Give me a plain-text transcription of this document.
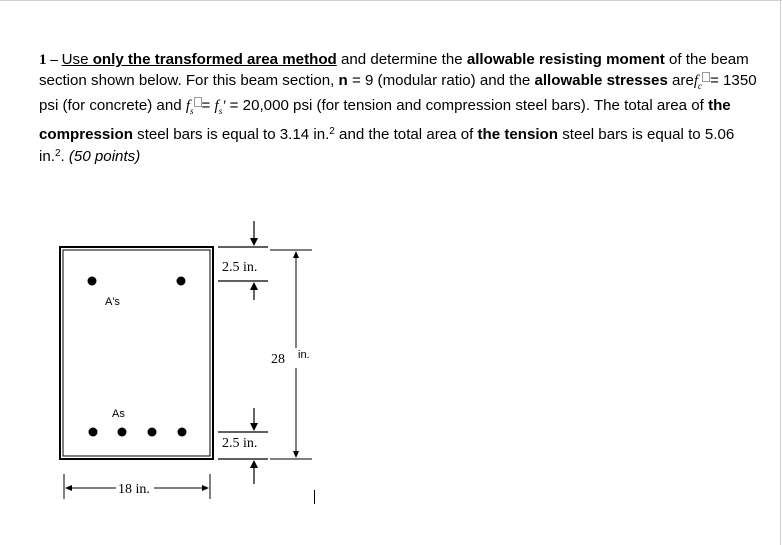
1 – Use only the transformed area method and determine the allowable resisting moment of the beam section shown below. For this beam section, n = 9 (modular ratio) and the allowable stresses aref$_c$ = 1350 psi (for concrete) and $f_s = f_s' = 20,000$ psi (for tension and compression steel bars). The total area of the compression steel bars is equal to 3.14 in.$^2$ and the total area of the tension steel bars is equal to 5.06 in.$^2$. (50 points)

A's
As
2.5 in.
2.5 in.
28 in.
18 in.
